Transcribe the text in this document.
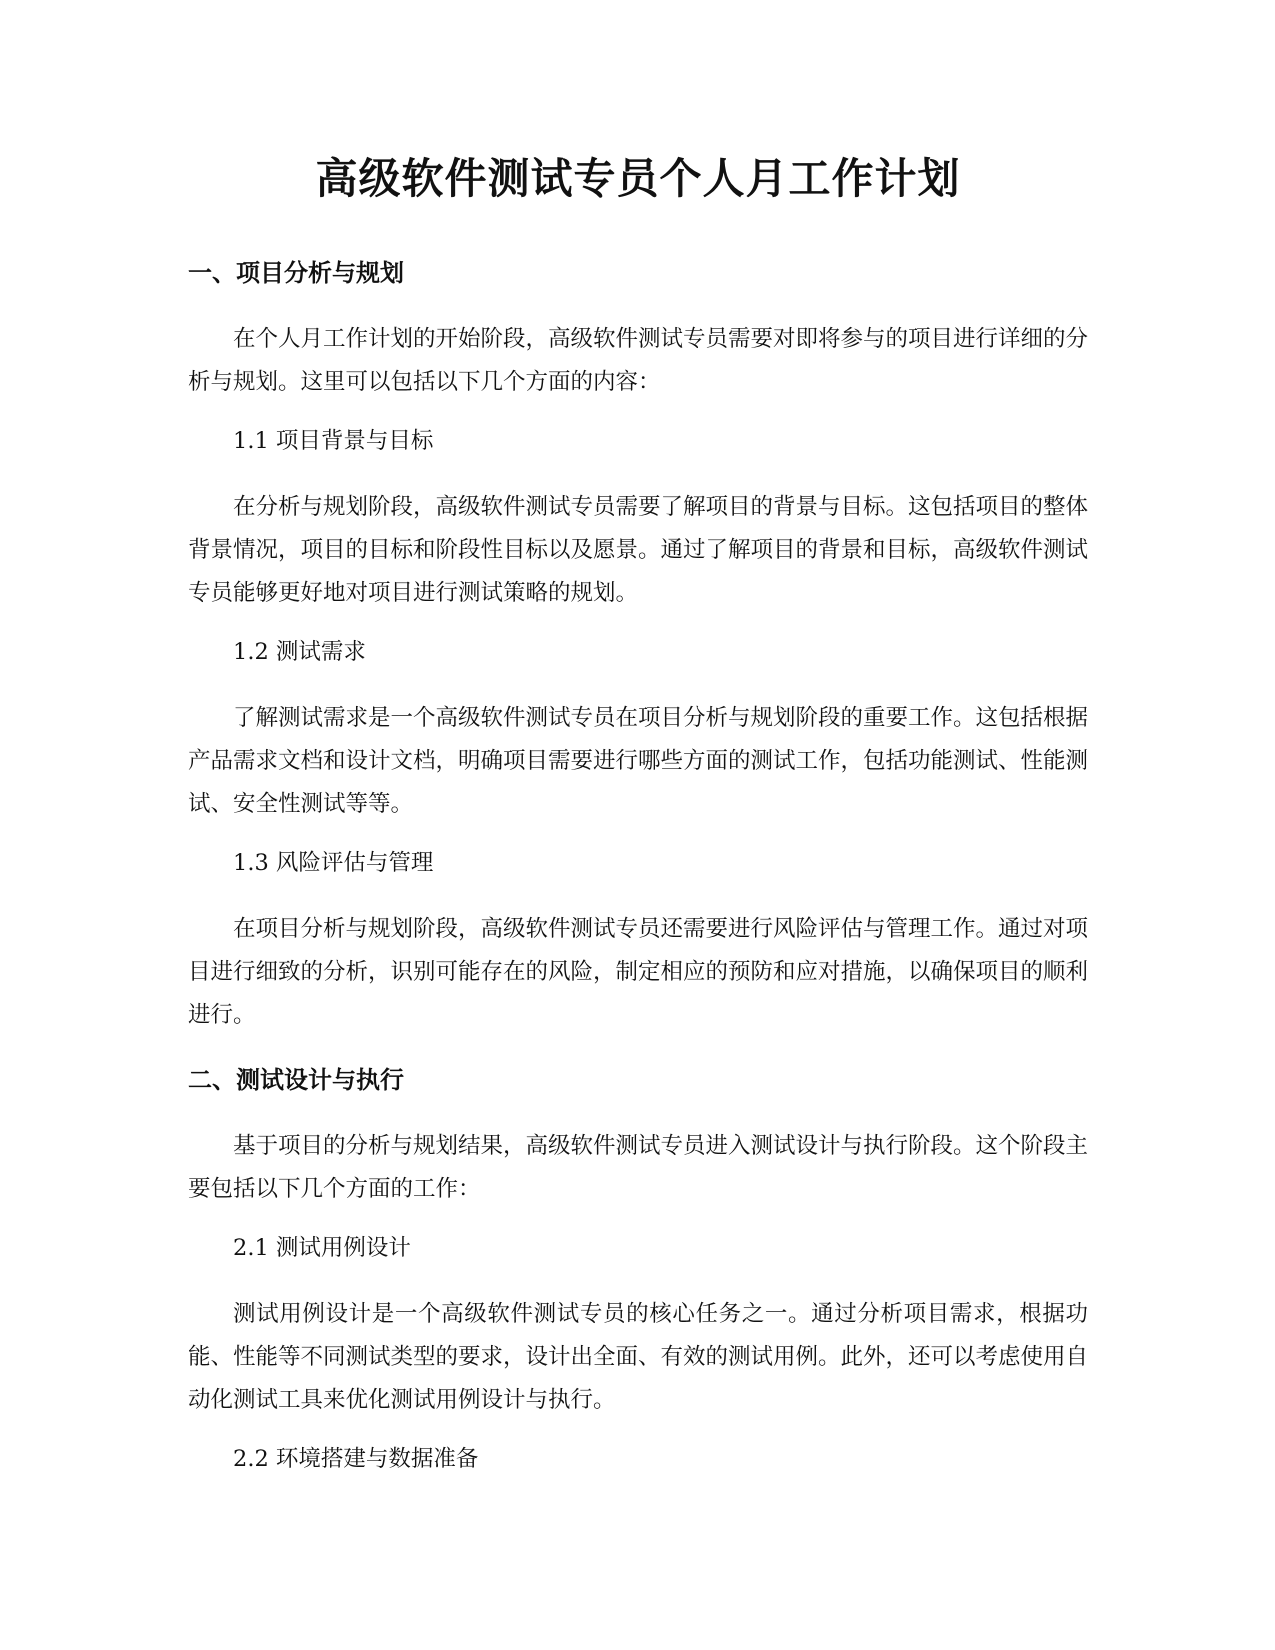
高级软件测试专员个人月工作计划
一、项目分析与规划

在个人月工作计划的开始阶段，高级软件测试专员需要对即将参与的项目进行详细的分析与规划。这里可以包括以下几个方面的内容：

1.1 项目背景与目标

在分析与规划阶段，高级软件测试专员需要了解项目的背景与目标。这包括项目的整体背景情况，项目的目标和阶段性目标以及愿景。通过了解项目的背景和目标，高级软件测试专员能够更好地对项目进行测试策略的规划。

1.2 测试需求

了解测试需求是一个高级软件测试专员在项目分析与规划阶段的重要工作。这包括根据产品需求文档和设计文档，明确项目需要进行哪些方面的测试工作，包括功能测试、性能测试、安全性测试等等。

1.3 风险评估与管理

在项目分析与规划阶段，高级软件测试专员还需要进行风险评估与管理工作。通过对项目进行细致的分析，识别可能存在的风险，制定相应的预防和应对措施，以确保项目的顺利进行。

二、测试设计与执行

基于项目的分析与规划结果，高级软件测试专员进入测试设计与执行阶段。这个阶段主要包括以下几个方面的工作：

2.1 测试用例设计

测试用例设计是一个高级软件测试专员的核心任务之一。通过分析项目需求，根据功能、性能等不同测试类型的要求，设计出全面、有效的测试用例。此外，还可以考虑使用自动化测试工具来优化测试用例设计与执行。

2.2 环境搭建与数据准备
